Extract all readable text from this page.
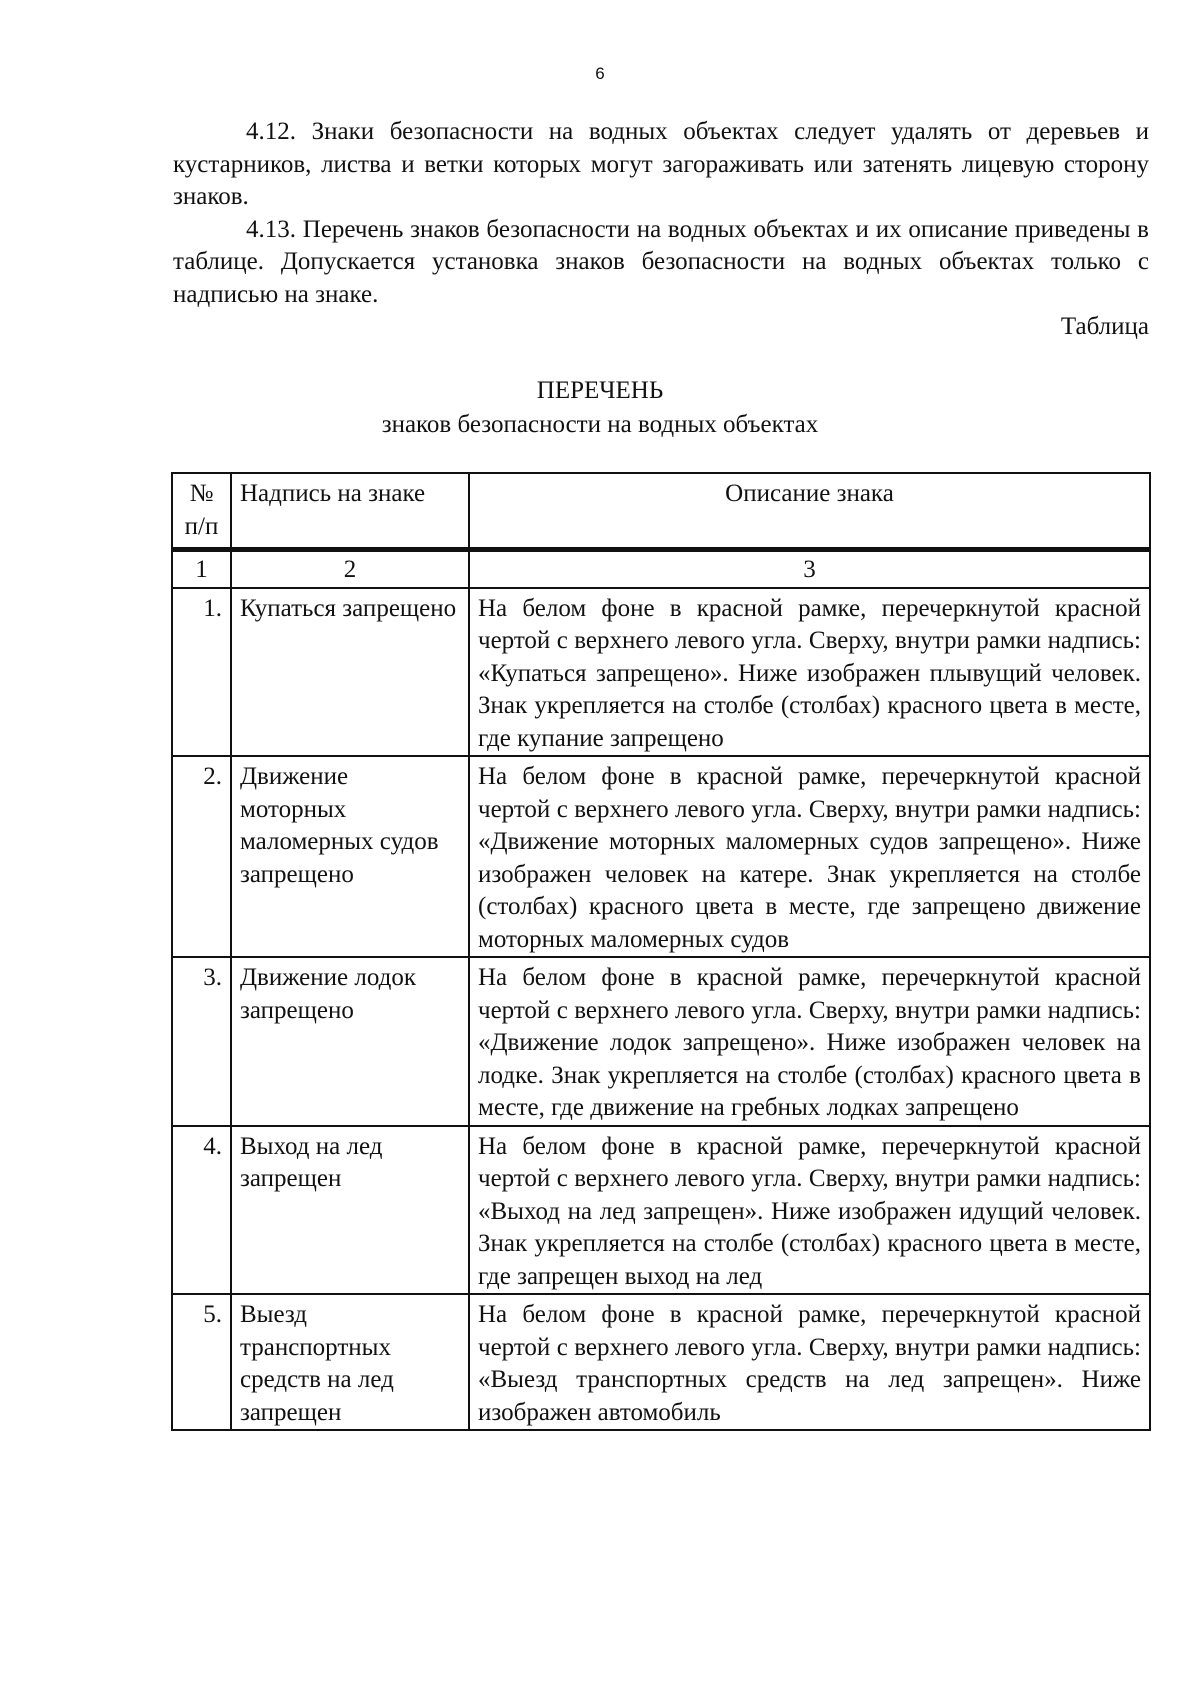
6

4.12. Знаки безопасности на водных объектах следует удалять от деревьев и кустарников, листва и ветки которых могут загораживать или затенять лицевую сторону знаков.

4.13. Перечень знаков безопасности на водных объектах и их описание приведены в таблице. Допускается установка знаков безопасности на водных объектах только с надписью на знаке.

Таблица

ПЕРЕЧЕНЬ
знаков безопасности на водных объектах
№ п/п	Надпись на знаке	Описание знака
1	2	3
1.	Купаться запрещено	На белом фоне в красной рамке, перечеркнутой красной чертой с верхнего левого угла. Сверху, внутри рамки надпись: «Купаться запрещено». Ниже изображен плывущий человек. Знак укрепляется на столбе (столбах) красного цвета в месте, где купание запрещено
2.	Движение моторных маломерных судов запрещено	На белом фоне в красной рамке, перечеркнутой красной чертой с верхнего левого угла. Сверху, внутри рамки надпись: «Движение моторных маломерных судов запрещено». Ниже изображен человек на катере. Знак укрепляется на столбе (столбах) красного цвета в месте, где запрещено движение моторных маломерных судов
3.	Движение лодок запрещено	На белом фоне в красной рамке, перечеркнутой красной чертой с верхнего левого угла. Сверху, внутри рамки надпись: «Движение лодок запрещено». Ниже изображен человек на лодке. Знак укрепляется на столбе (столбах) красного цвета в месте, где движение на гребных лодках запрещено
4.	Выход на лед запрещен	На белом фоне в красной рамке, перечеркнутой красной чертой с верхнего левого угла. Сверху, внутри рамки надпись: «Выход на лед запрещен». Ниже изображен идущий человек. Знак укрепляется на столбе (столбах) красного цвета в месте, где запрещен выход на лед
5.	Выезд транспортных средств на лед запрещен	На белом фоне в красной рамке, перечеркнутой красной чертой с верхнего левого угла. Сверху, внутри рамки надпись: «Выезд транспортных средств на лед запрещен». Ниже изображен автомобиль
